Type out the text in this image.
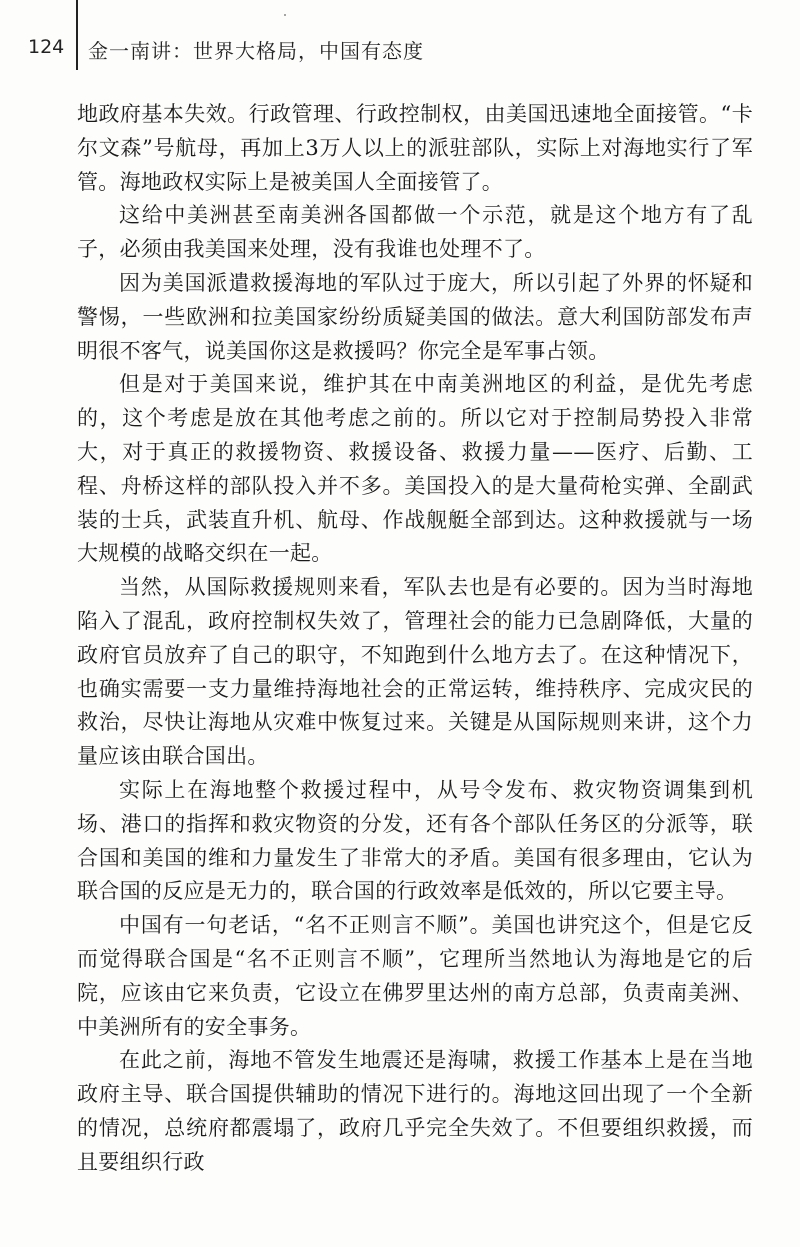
124 金一南讲：世界大格局，中国有态度

地政府基本失效。行政管理、行政控制权，由美国迅速地全面接管。“卡尔文森”号航母，再加上3万人以上的派驻部队，实际上对海地实行了军管。海地政权实际上是被美国人全面接管了。

这给中美洲甚至南美洲各国都做一个示范，就是这个地方有了乱子，必须由我美国来处理，没有我谁也处理不了。

因为美国派遣救援海地的军队过于庞大，所以引起了外界的怀疑和警惕，一些欧洲和拉美国家纷纷质疑美国的做法。意大利国防部发布声明很不客气，说美国你这是救援吗？你完全是军事占领。

但是对于美国来说，维护其在中南美洲地区的利益，是优先考虑的，这个考虑是放在其他考虑之前的。所以它对于控制局势投入非常大，对于真正的救援物资、救援设备、救援力量——医疗、后勤、工程、舟桥这样的部队投入并不多。美国投入的是大量荷枪实弹、全副武装的士兵，武装直升机、航母、作战舰艇全部到达。这种救援就与一场大规模的战略交织在一起。

当然，从国际救援规则来看，军队去也是有必要的。因为当时海地陷入了混乱，政府控制权失效了，管理社会的能力已急剧降低，大量的政府官员放弃了自己的职守，不知跑到什么地方去了。在这种情况下，也确实需要一支力量维持海地社会的正常运转，维持秩序、完成灾民的救治，尽快让海地从灾难中恢复过来。关键是从国际规则来讲，这个力量应该由联合国出。

实际上在海地整个救援过程中，从号令发布、救灾物资调集到机场、港口的指挥和救灾物资的分发，还有各个部队任务区的分派等，联合国和美国的维和力量发生了非常大的矛盾。美国有很多理由，它认为联合国的反应是无力的，联合国的行政效率是低效的，所以它要主导。

中国有一句老话，“名不正则言不顺”。美国也讲究这个，但是它反而觉得联合国是“名不正则言不顺”，它理所当然地认为海地是它的后院，应该由它来负责，它设立在佛罗里达州的南方总部，负责南美洲、中美洲所有的安全事务。

在此之前，海地不管发生地震还是海啸，救援工作基本上是在当地政府主导、联合国提供辅助的情况下进行的。海地这回出现了一个全新的情况，总统府都震塌了，政府几乎完全失效了。不但要组织救援，而且要组织行政
